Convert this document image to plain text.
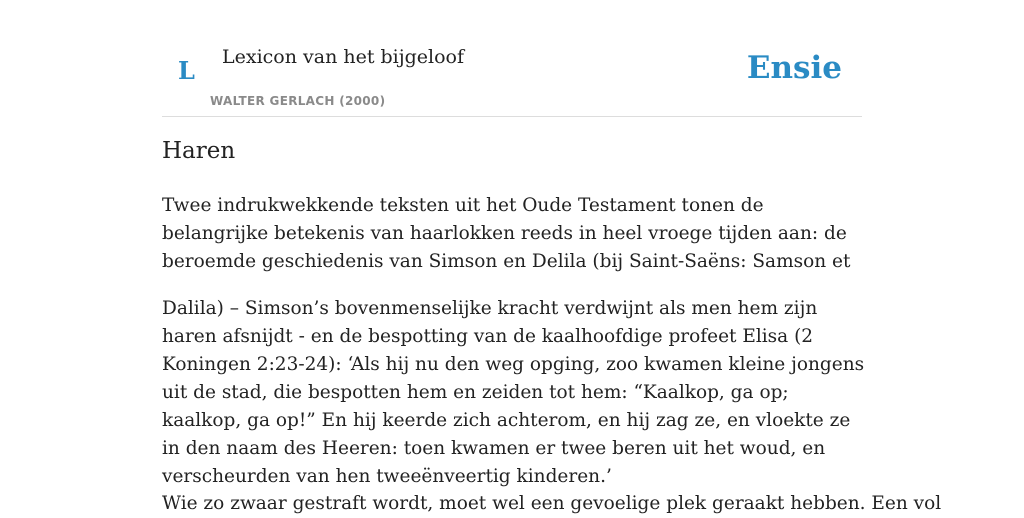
L Lexicon van het bijgeloof
WALTER GERLACH (2000)
Ensie
Haren

Twee indrukwekkende teksten uit het Oude Testament tonen de belangrijke betekenis van haarlokken reeds in heel vroege tijden aan: de beroemde geschiedenis van Simson en Delila (bij Saint-Saëns: Samson et

Dalila) – Simson’s bovenmenselijke kracht verdwijnt als men hem zijn haren afsnijdt - en de bespotting van de kaalhoofdige profeet Elisa (2 Koningen 2:23-24): ‘Als hij nu den weg opging, zoo kwamen kleine jongens uit de stad, die bespotten hem en zeiden tot hem: “Kaalkop, ga op; kaalkop, ga op!” En hij keerde zich achterom, en hij zag ze, en vloekte ze in den naam des Heeren: toen kwamen er twee beren uit het woud, en verscheurden van hen tweeënveertig kinderen.’

Wie zo zwaar gestraft wordt, moet wel een gevoelige plek geraakt hebben. Een vol
